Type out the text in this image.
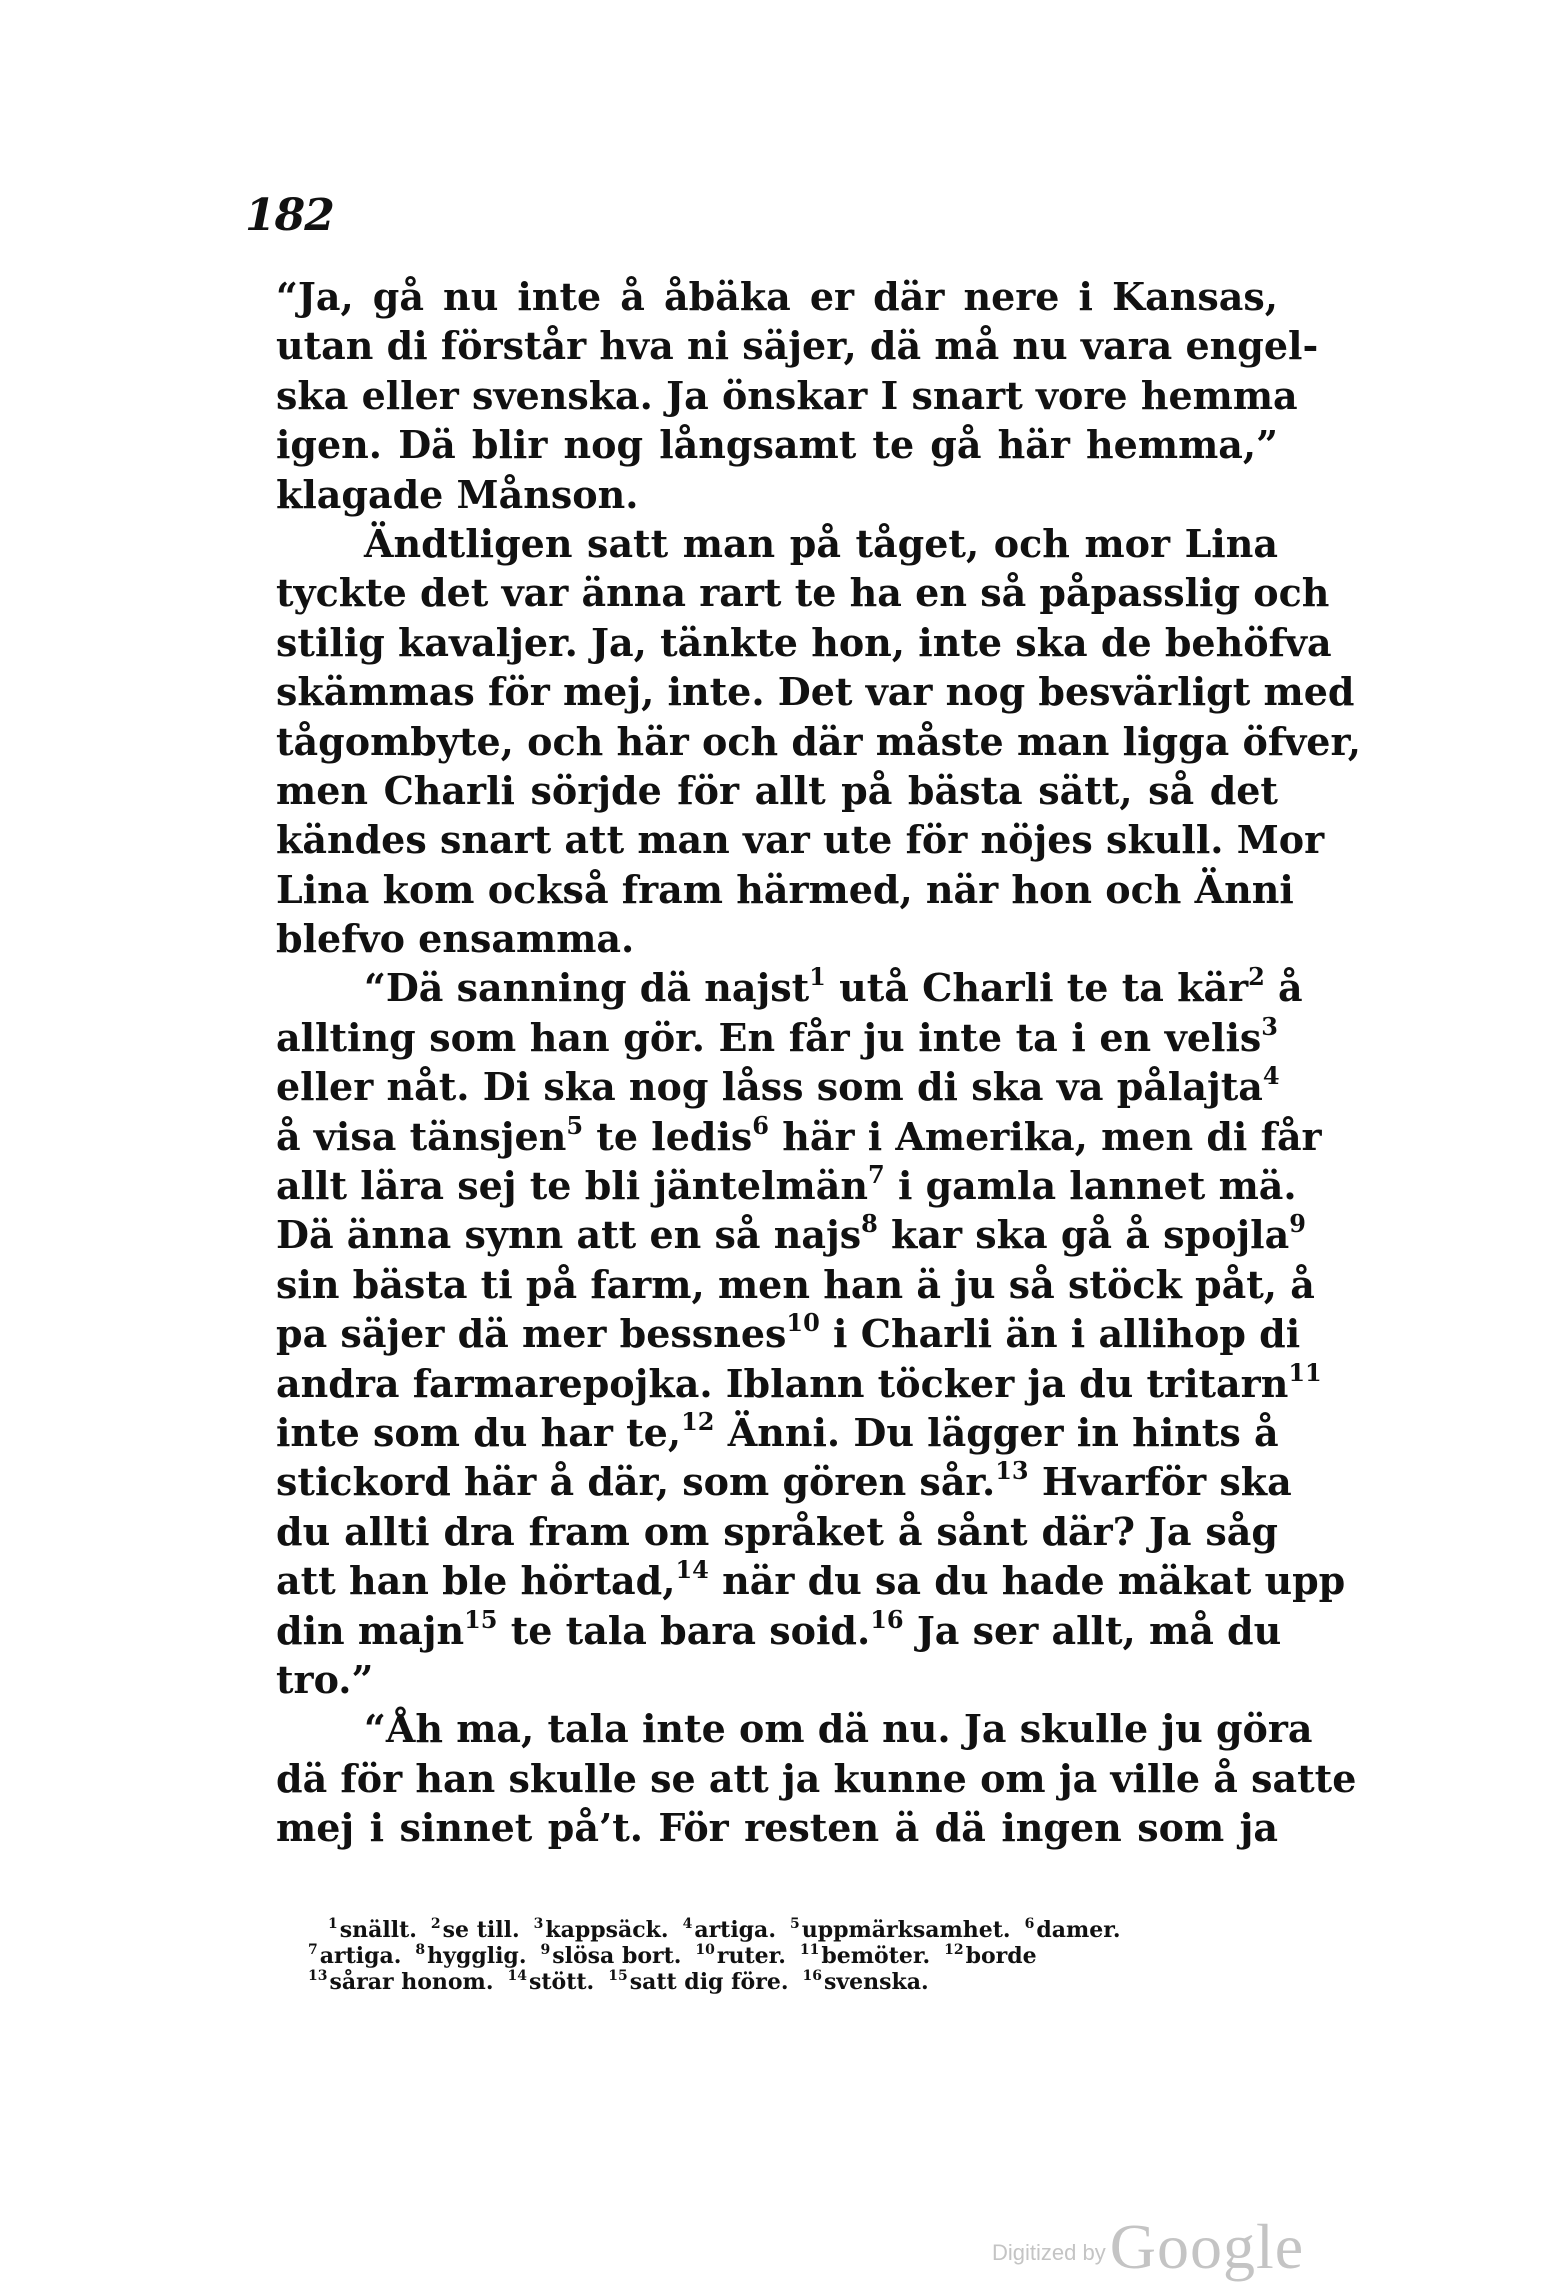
182
“Ja, gå nu inte å åbäka er där nere i Kansas,
utan di förstår hva ni säjer, dä må nu vara engel-
ska eller svenska. Ja önskar I snart vore hemma
igen. Dä blir nog långsamt te gå här hemma,”
klagade Månson.
Ändtligen satt man på tåget, och mor Lina
tyckte det var änna rart te ha en så påpasslig och
stilig kavaljer. Ja, tänkte hon, inte ska de behöfva
skämmas för mej, inte. Det var nog besvärligt med
tågombyte, och här och där måste man ligga öfver,
men Charli sörjde för allt på bästa sätt, så det
kändes snart att man var ute för nöjes skull. Mor
Lina kom också fram härmed, när hon och Änni
blefvo ensamma.
“Dä sanning dä najst$^1$ utå Charli te ta kär$^2$ å
allting som han gör. En får ju inte ta i en velis$^3$
eller nåt. Di ska nog låss som di ska va pålajta$^4$
å visa tänsjen$^5$ te ledis$^6$ här i Amerika, men di får
allt lära sej te bli jäntelmän$^7$ i gamla lannet mä.
Dä änna synn att en så najs$^8$ kar ska gå å spojla$^9$
sin bästa ti på farm, men han ä ju så stöck påt, å
pa säjer dä mer bessnes$^{10}$ i Charli än i allihop di
andra farmarepojka. Iblann töcker ja du tritarn$^{11}$
inte som du har te,$^{12}$ Änni. Du lägger in hints å
stickord här å där, som gören sår.$^{13}$ Hvarför ska
du allti dra fram om språket å sånt där? Ja såg
att han ble hörtad,$^{14}$ när du sa du hade mäkat upp
din majn$^{15}$ te tala bara soid.$^{16}$ Ja ser allt, må du
tro.”
“Åh ma, tala inte om dä nu. Ja skulle ju göra
dä för han skulle se att ja kunne om ja ville å satte
mej i sinnet på’t. För resten ä dä ingen som ja
$^1$snällt. $^2$se till. $^3$kappsäck. $^4$artiga. $^5$uppmärksamhet. $^6$damer.
$^7$artiga. $^8$hygglig. $^9$slösa bort. $^{10}$ruter. $^{11}$bemöter. $^{12}$borde
$^{13}$sårar honom. $^{14}$stött. $^{15}$satt dig före. $^{16}$svenska.
Digitized byGoogle
